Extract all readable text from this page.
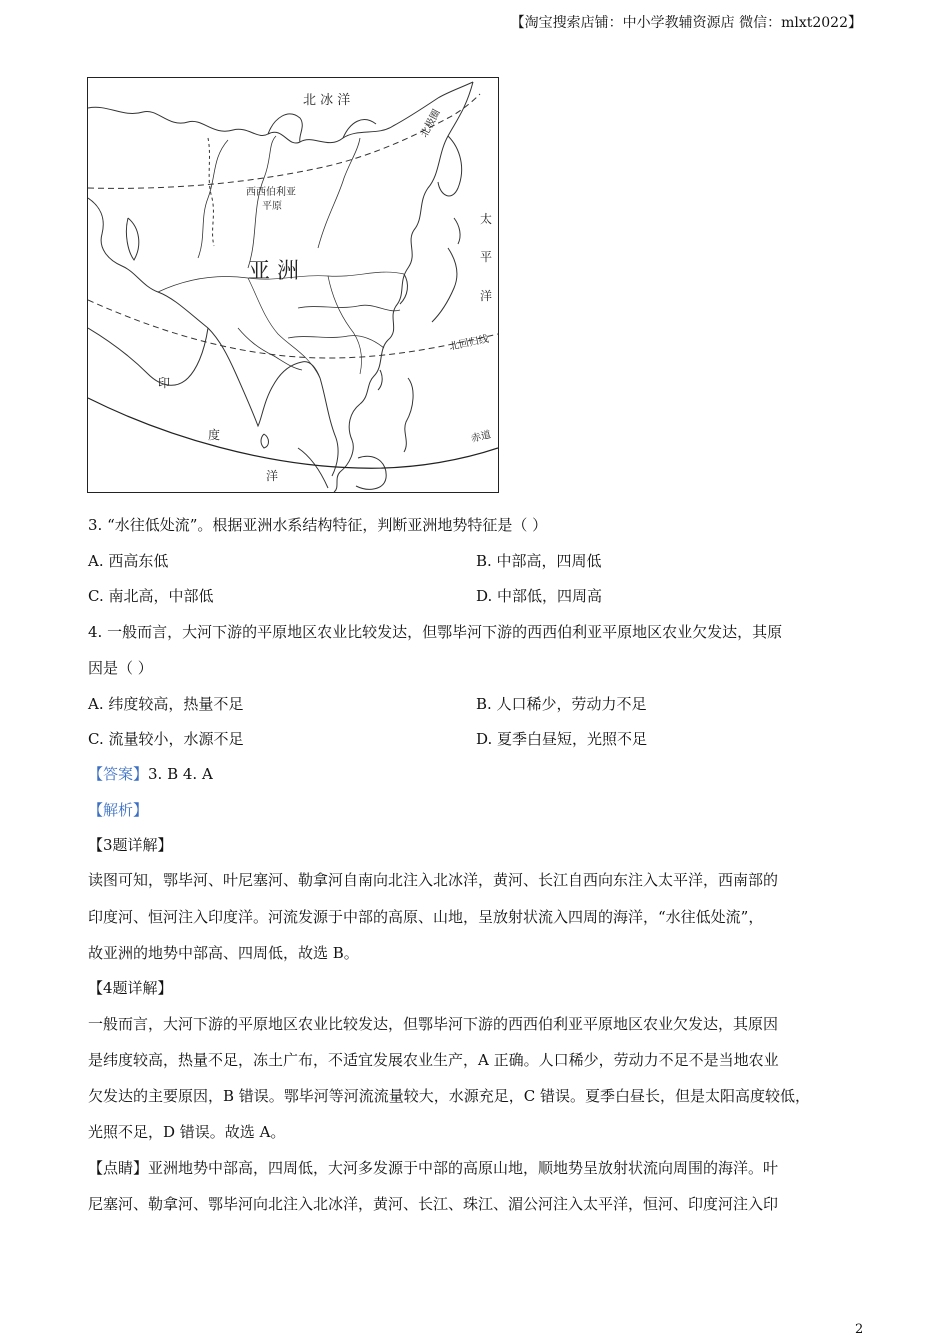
【淘宝搜索店铺：中小学教辅资源店 微信：mlxt2022】
北 冰 洋
北极圈
西西伯利亚
平原
亚 洲
太
平
洋
北回归线
印
度
洋
赤道
3. “水往低处流”。根据亚洲水系结构特征，判断亚洲地势特征是（ ）
A. 西高东低	B. 中部高，四周低
C. 南北高，中部低	D. 中部低，四周高
4. 一般而言，大河下游的平原地区农业比较发达，但鄂毕河下游的西西伯利亚平原地区农业欠发达，其原
因是（ ）
A. 纬度较高，热量不足	B. 人口稀少，劳动力不足
C. 流量较小，水源不足	D. 夏季白昼短，光照不足
【答案】3. B 4. A
【解析】
【3题详解】
读图可知，鄂毕河、叶尼塞河、勒拿河自南向北注入北冰洋，黄河、长江自西向东注入太平洋，西南部的
印度河、恒河注入印度洋。河流发源于中部的高原、山地，呈放射状流入四周的海洋，“水往低处流”，
故亚洲的地势中部高、四周低，故选 B。
【4题详解】
一般而言，大河下游的平原地区农业比较发达，但鄂毕河下游的西西伯利亚平原地区农业欠发达，其原因
是纬度较高，热量不足，冻土广布，不适宜发展农业生产，A 正确。人口稀少，劳动力不足不是当地农业
欠发达的主要原因，B 错误。鄂毕河等河流流量较大，水源充足，C 错误。夏季白昼长，但是太阳高度较低，
光照不足，D 错误。故选 A。
【点睛】亚洲地势中部高，四周低，大河多发源于中部的高原山地，顺地势呈放射状流向周围的海洋。叶
尼塞河、勒拿河、鄂毕河向北注入北冰洋，黄河、长江、珠江、湄公河注入太平洋，恒河、印度河注入印
2
